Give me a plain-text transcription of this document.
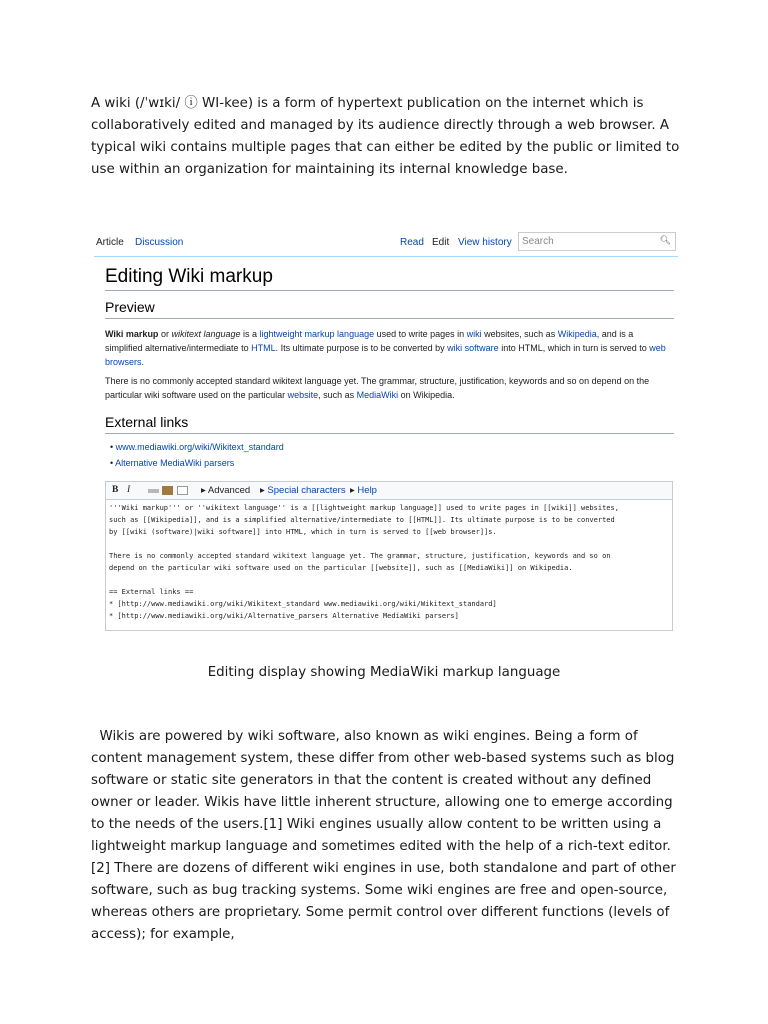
A wiki (/ˈwɪki/ ⓘ WI-kee) is a form of hypertext publication on the internet which is collaboratively edited and managed by its audience directly through a web browser. A typical wiki contains multiple pages that can either be edited by the public or limited to use within an organization for maintaining its internal knowledge base.

Article Discussion	Read Edit View history Search	🔍︎
Editing Wiki markup
Preview
Wiki markup or wikitext language is a lightweight markup language used to write pages in wiki websites, such as Wikipedia, and is a simplified alternative/intermediate to HTML. Its ultimate purpose is to be converted by wiki software into HTML, which in turn is served to web browsers.
There is no commonly accepted standard wikitext language yet. The grammar, structure, justification, keywords and so on depend on the particular wiki software used on the particular website, such as MediaWiki on Wikipedia.
External links
• www.mediawiki.org/wiki/Wikitext_standard
• Alternative MediaWiki parsers
B I	▸ Advanced ▸ Special characters ▸ Help
'''Wiki markup''' or ''wikitext language'' is a [[lightweight markup language]] used to write pages in [[wiki]] websites,
such as [[Wikipedia]], and is a simplified alternative/intermediate to [[HTML]]. Its ultimate purpose is to be converted
by [[wiki (software)|wiki software]] into HTML, which in turn is served to [[web browser]]s.
There is no commonly accepted standard wikitext language yet. The grammar, structure, justification, keywords and so on
depend on the particular wiki software used on the particular [[website]], such as [[MediaWiki]] on Wikipedia.
== External links ==
* [http://www.mediawiki.org/wiki/Wikitext_standard www.mediawiki.org/wiki/Wikitext_standard]
* [http://www.mediawiki.org/wiki/Alternative_parsers Alternative MediaWiki parsers]
Editing display showing MediaWiki markup language

Wikis are powered by wiki software, also known as wiki engines. Being a form of content management system, these differ from other web-based systems such as blog software or static site generators in that the content is created without any defined owner or leader. Wikis have little inherent structure, allowing one to emerge according to the needs of the users.[1] Wiki engines usually allow content to be written using a lightweight markup language and sometimes edited with the help of a rich-text editor.[2] There are dozens of different wiki engines in use, both standalone and part of other software, such as bug tracking systems. Some wiki engines are free and open-source, whereas others are proprietary. Some permit control over different functions (levels of access); for example,
